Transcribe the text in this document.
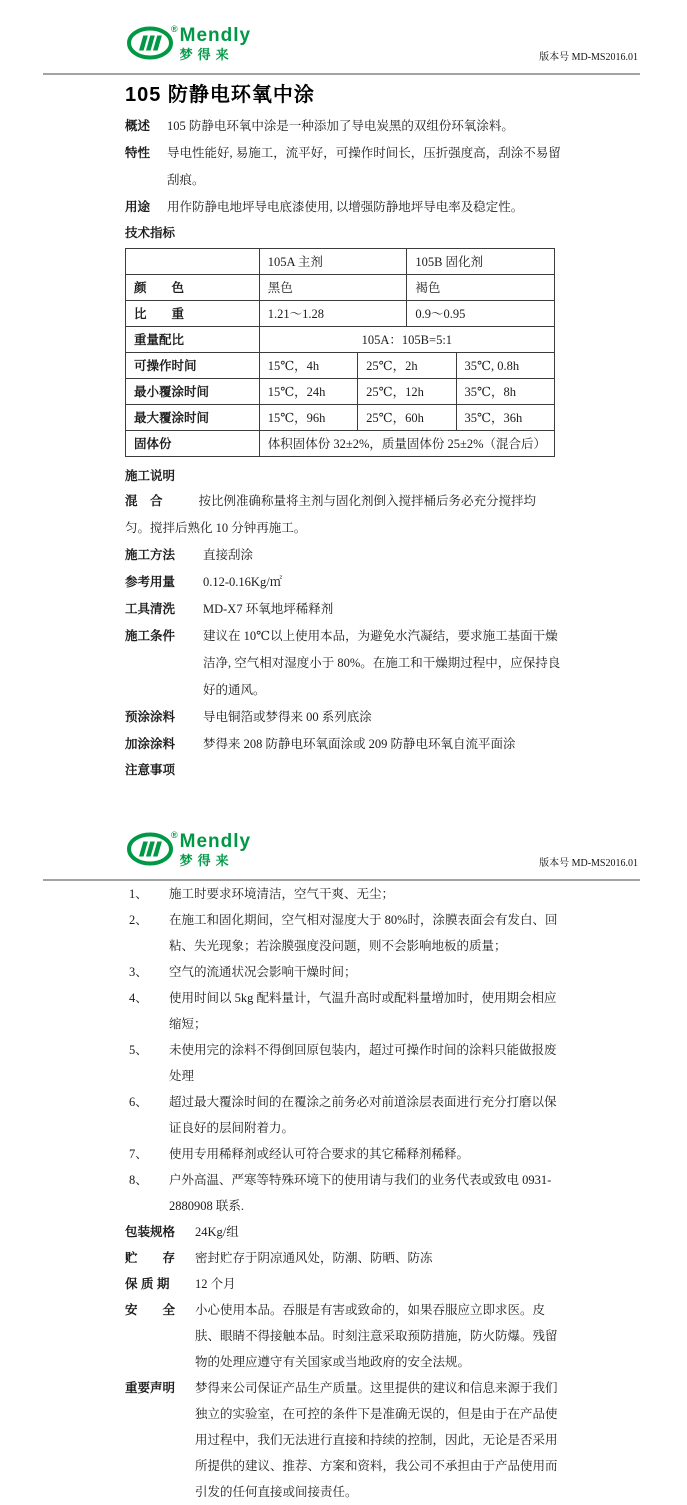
® Mendly
梦得来	版本号 MD-MS2016.01
105 防静电环氧中涂
概述	105 防静电环氧中涂是一种添加了导电炭黑的双组份环氧涂料。
特性	导电性能好, 易施工，流平好，可操作时间长，压折强度高，刮涂不易留刮痕。
用途	用作防静电地坪导电底漆使用, 以增强防静地坪导电率及稳定性。
技术指标
	105A 主剂		105B 固化剂	
颜　　色	黑色		褐色	
比　　重	1.21～1.28		0.9～0.95	
重量配比	105A：105B=5:1			
可操作时间	15℃，4h	25℃，2h		35℃, 0.8h
最小覆涂时间	15℃，24h	25℃，12h		35℃，8h
最大覆涂时间	15℃，96h	25℃，60h		35℃，36h
固体份	体积固体份 32±2%，质量固体份 25±2%（混合后）			
施工说明

混　合	按比例准确称量将主剂与固化剂倒入搅拌桶后务必充分搅拌均匀。搅拌后熟化 10 分钟再施工。

施工方法	直接刮涂
参考用量	0.12-0.16Kg/㎡
工具清洗	MD-X7 环氧地坪稀释剂
施工条件	建议在 10℃以上使用本品，为避免水汽凝结，要求施工基面干燥洁净, 空气相对湿度小于 80%。在施工和干燥期过程中，应保持良好的通风。
预涂涂料	导电铜箔或梦得来 00 系列底涂
加涂涂料	梦得来 208 防静电环氧面涂或 209 防静电环氧自流平面涂
注意事项
® Mendly
梦得来	版本号 MD-MS2016.01
1、	施工时要求环境清洁，空气干爽、无尘；
2、	在施工和固化期间，空气相对湿度大于 80%时，涂膜表面会有发白、回粘、失光现象；若涂膜强度没问题，则不会影响地板的质量；
3、	空气的流通状况会影响干燥时间；
4、	使用时间以 5kg 配料量计，气温升高时或配料量增加时，使用期会相应缩短；
5、	未使用完的涂料不得倒回原包装内，超过可操作时间的涂料只能做报废处理
6、	超过最大覆涂时间的在覆涂之前务必对前道涂层表面进行充分打磨以保证良好的层间附着力。
7、	使用专用稀释剂或经认可符合要求的其它稀释剂稀释。
8、	户外高温、严寒等特殊环境下的使用请与我们的业务代表或致电 0931-2880908 联系.
包装规格	24Kg/组
贮　　存	密封贮存于阴凉通风处，防潮、防晒、防冻
保 质 期	12 个月
安　　全	小心使用本品。吞服是有害或致命的，如果吞服应立即求医。皮肤、眼睛不得接触本品。时刻注意采取预防措施，防火防爆。残留物的处理应遵守有关国家或当地政府的安全法规。
重要声明	梦得来公司保证产品生产质量。这里提供的建议和信息来源于我们独立的实验室，在可控的条件下是准确无误的，但是由于在产品使用过程中，我们无法进行直接和持续的控制，因此，无论是否采用所提供的建议、推荐、方案和资料，我公司不承担由于产品使用而引发的任何直接或间接责任。
